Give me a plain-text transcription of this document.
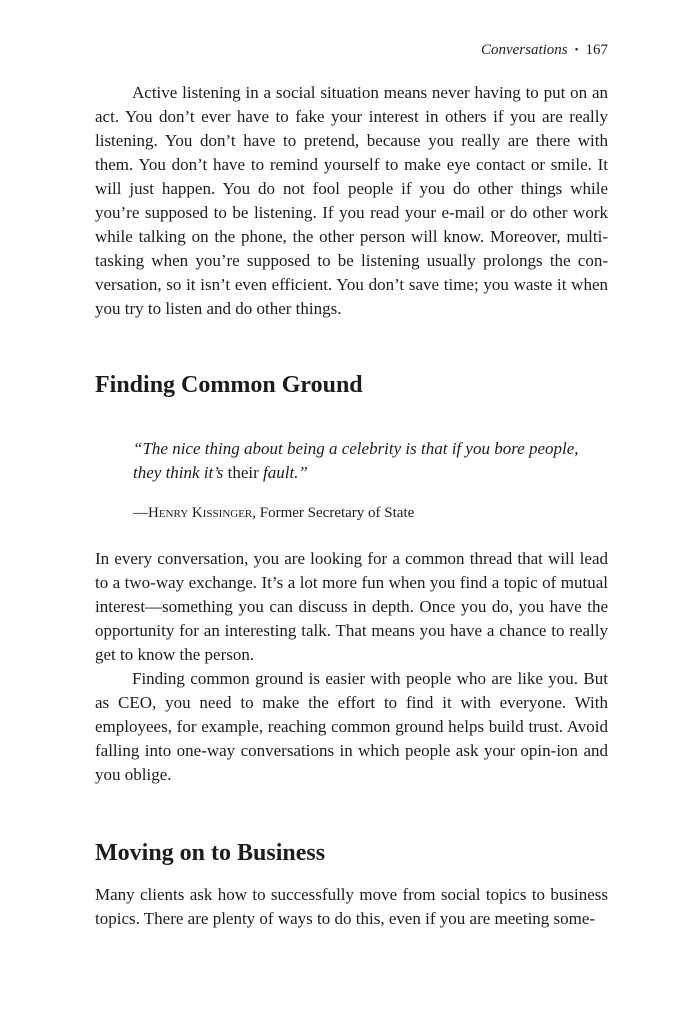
Conversations • 167

Active listening in a social situation means never having to put on an act. You don’t ever have to fake your interest in others if you are really listening. You don’t have to pretend, because you really are there with them. You don’t have to remind yourself to make eye contact or smile. It will just happen. You do not fool people if you do other things while you’re supposed to be listening. If you read your e-mail or do other work while talking on the phone, the other person will know. Moreover, multi-tasking when you’re supposed to be listening usually prolongs the con-versation, so it isn’t even efficient. You don’t save time; you waste it when you try to listen and do other things.

Finding Common Ground

“The nice thing about being a celebrity is that if you bore people, they think it’s their fault.”

—Henry Kissinger, Former Secretary of State

In every conversation, you are looking for a common thread that will lead to a two-way exchange. It’s a lot more fun when you find a topic of mutual interest—something you can discuss in depth. Once you do, you have the opportunity for an interesting talk. That means you have a chance to really get to know the person.

Finding common ground is easier with people who are like you. But as CEO, you need to make the effort to find it with everyone. With employees, for example, reaching common ground helps build trust. Avoid falling into one-way conversations in which people ask your opin-ion and you oblige.

Moving on to Business

Many clients ask how to successfully move from social topics to business topics. There are plenty of ways to do this, even if you are meeting some-
